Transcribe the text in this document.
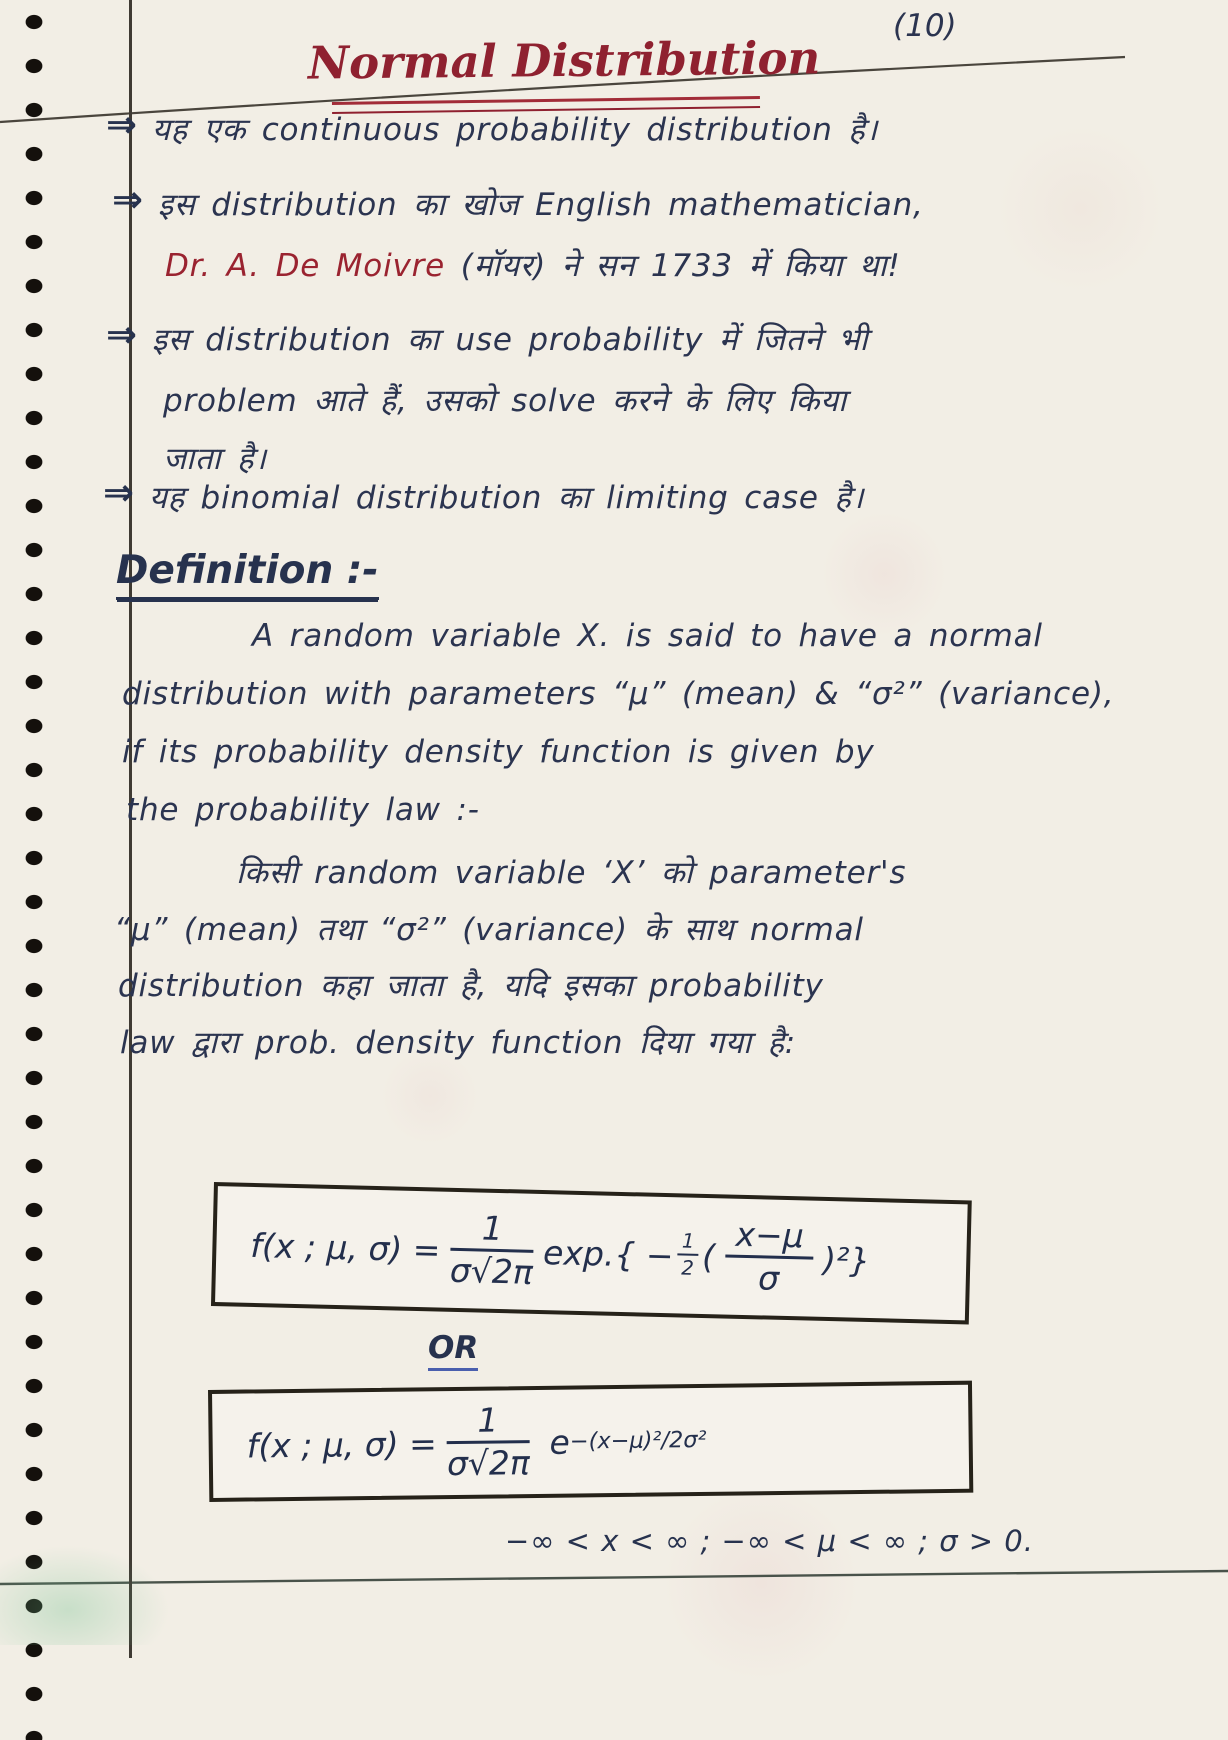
(10)
Normal Distribution
⇒ यह एक continuous probability distribution है।
⇒ इस distribution का खोज English mathematician,
Dr. A. De Moivre (मॉयर) ने सन 1733 में किया था!
⇒ इस distribution का use probability में जितने भी
problem आते हैं, उसको solve करने के लिए किया
जाता है।
⇒ यह binomial distribution का limiting case है।
Definition :-
A random variable X. is said to have a normal
distribution with parameters “μ” (mean) & “σ²” (variance),
if its probability density function is given by
the probability law :-
किसी random variable ‘X’ को parameter's
“μ” (mean) तथा “σ²” (variance) के साथ normal
distribution कहा जाता है, यदि इसका probability
law द्वारा prob. density function दिया गया है:
f(x ; μ, $\sigma) = \frac{1}{\sigma√2\pi} \exp.\{ - \frac{1}{2}$ ( $\frac{x-\mu}{\sigma} )^2$}
OR
f(x ; μ, $\sigma) = \frac{1}{\sigma√2\pi}$ e −(x−μ)²/2σ²
−∞ < x < ∞ ; −∞ < μ < ∞ ; σ > 0.
